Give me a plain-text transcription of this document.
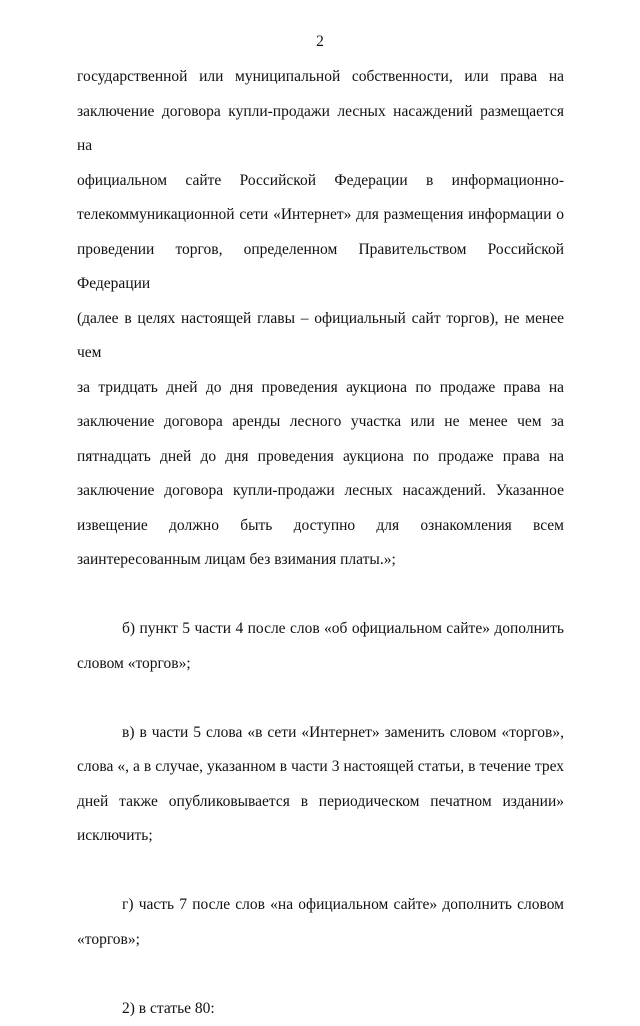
2
государственной или муниципальной собственности, или права на
заключение договора купли-продажи лесных насаждений размещается на
официальном сайте Российской Федерации в информационно-
телекоммуникационной сети «Интернет» для размещения информации о
проведении торгов, определенном Правительством Российской Федерации
(далее в целях настоящей главы – официальный сайт торгов), не менее чем
за тридцать дней до дня проведения аукциона по продаже права на
заключение договора аренды лесного участка или не менее чем за
пятнадцать дней до дня проведения аукциона по продаже права на
заключение договора купли-продажи лесных насаждений. Указанное
извещение должно быть доступно для ознакомления всем
заинтересованным лицам без взимания платы.»;
б) пункт 5 части 4 после слов «об официальном сайте» дополнить
словом «торгов»;
в) в части 5 слова «в сети «Интернет» заменить словом «торгов»,
слова «, а в случае, указанном в части 3 настоящей статьи, в течение трех
дней также опубликовывается в периодическом печатном издании»
исключить;
г) часть 7 после слов «на официальном сайте» дополнить словом
«торгов»;
2) в статье 80:
